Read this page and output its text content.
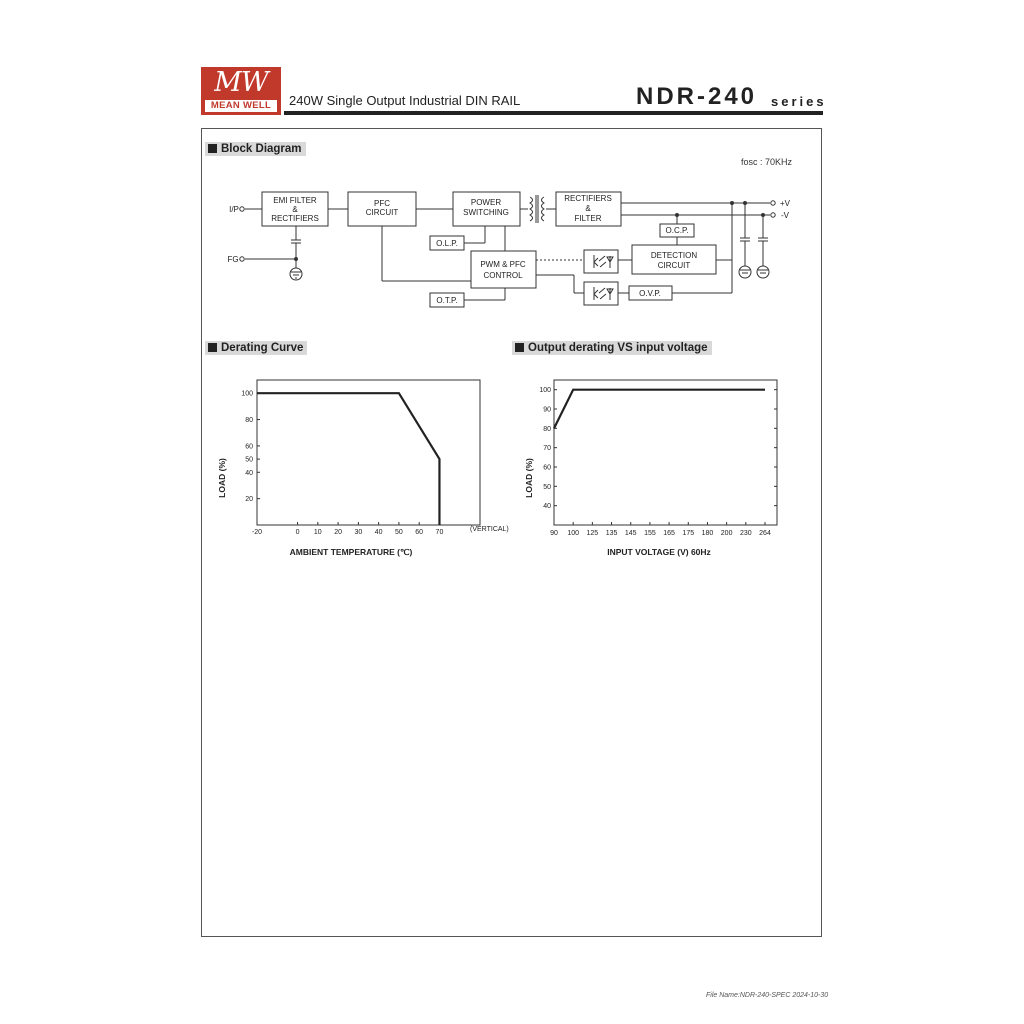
MW
MEAN WELL	240W Single Output Industrial DIN RAIL	NDR-240 series
Block Diagram
fosc : 70KHz
Derating Curve	Output derating VS input voltage
I/P
FG
EMI FILTER
&
RECTIFIERS
PFC
CIRCUIT
POWER
SWITCHING
RECTIFIERS
&
FILTER
O.L.P.
PWM & PFC
CONTROL
O.T.P.
O.C.P.
DETECTION
CIRCUIT
O.V.P.
+V
-V
-20	0 10 20 30 40 50 60 70
100
80
60
50
40
20
(VERTICAL)
AMBIENT TEMPERATURE (℃)
LOAD (%)
90 100 125 135 145 155 165 175 180 200 230 264
100
90
80
70
60
50
40
INPUT VOLTAGE (V) 60Hz
LOAD (%)
File Name:NDR-240-SPEC 2024-10-30
